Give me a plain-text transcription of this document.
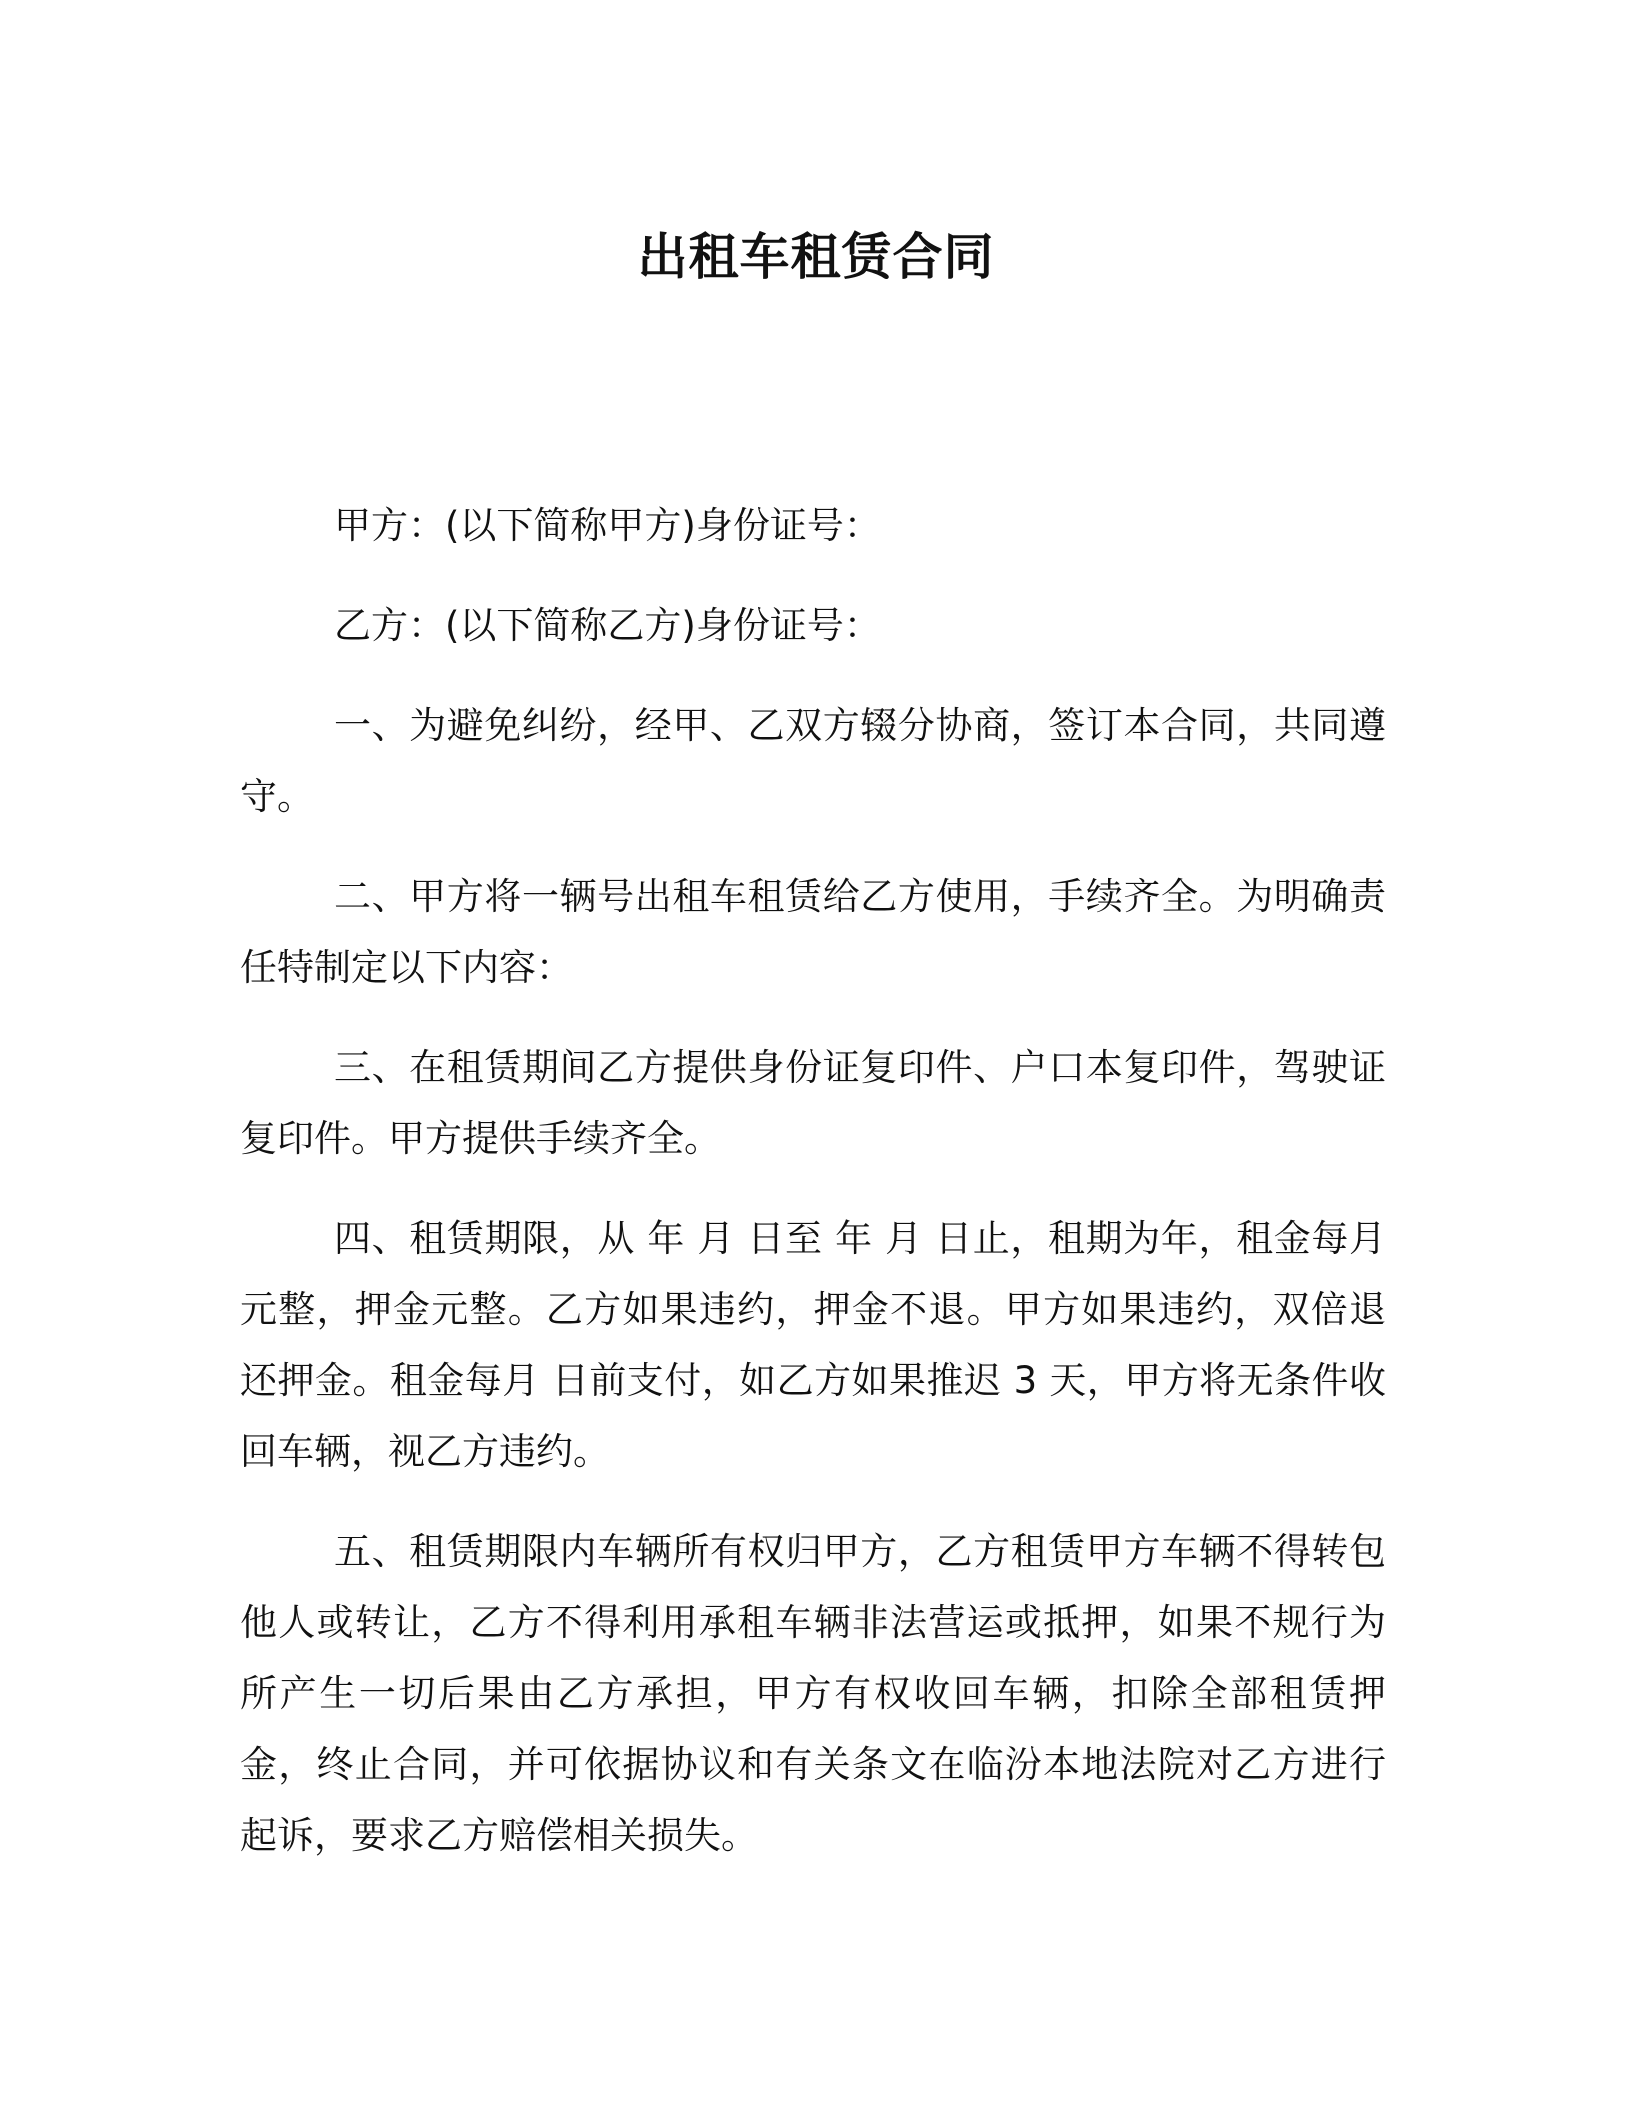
出租车租赁合同

甲方：(以下简称甲方)身份证号：

乙方：(以下简称乙方)身份证号：

一、为避免纠纷，经甲、乙双方辍分协商，签订本合同，共同遵守。

二、甲方将一辆号出租车租赁给乙方使用，手续齐全。为明确责任特制定以下内容：

三、在租赁期间乙方提供身份证复印件、户口本复印件，驾驶证复印件。甲方提供手续齐全。

四、租赁期限，从 年 月 日至 年 月 日止，租期为年，租金每月元整，押金元整。乙方如果违约，押金不退。甲方如果违约，双倍退还押金。租金每月 日前支付，如乙方如果推迟 3 天，甲方将无条件收回车辆，视乙方违约。

五、租赁期限内车辆所有权归甲方，乙方租赁甲方车辆不得转包他人或转让，乙方不得利用承租车辆非法营运或抵押，如果不规行为所产生一切后果由乙方承担，甲方有权收回车辆，扣除全部租赁押金，终止合同，并可依据协议和有关条文在临汾本地法院对乙方进行起诉，要求乙方赔偿相关损失。
